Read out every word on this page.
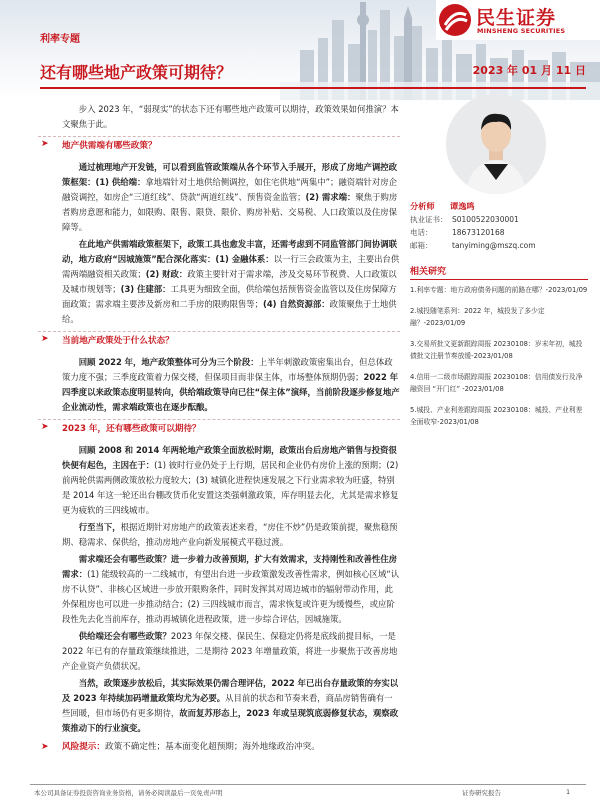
民生证券
MINSHENG SECURITIES
利率专题
还有哪些地产政策可期待？	2023 年 01 月 11 日

步入 2023 年，“弱现实”的状态下还有哪些地产政策可以期待，政策效果如何推演？本文聚焦于此。

➤ 地产供需端有哪些政策？

通过梳理地产开发链，可以看到监管政策端从各个环节入手展开，形成了房地产调控政策框架：(1) 供给端：拿地端针对土地供给侧调控，如住宅供地“两集中”；融资端针对房企融资调控，如房企“三道红线”、贷款“两道红线”、预售资金监管；(2) 需求端：聚焦于购房者购房意愿和能力，如限购、限售、限贷、限价、购房补贴、交易税、人口政策以及住房保障等。

在此地产供需端政策框架下，政策工具也愈发丰富，还需考虑到不同监管部门间协调联动，地方政府“因城施策”配合深化落实：(1) 金融体系：以一行三会政策为主，主要出台供需两端融资相关政策；(2) 财政：政策主要针对于需求端，涉及交易环节税费、人口政策以及城市规划等；(3) 住建部：工具更为细致全面，供给端包括预售资金监管以及住房保障方面政策；需求端主要涉及新房和二手房的限购限售等；(4) 自然资源部：政策聚焦于土地供给。

➤ 当前地产政策处于什么状态？

回顾 2022 年，地产政策整体可分为三个阶段：上半年刺激政策密集出台，但总体政策力度不强；三季度政策着力保交楼，但保项目而非保主体，市场整体预期仍弱；2022 年四季度以来政策态度明显转向，供给端政策导向已往“保主体”演绎，当前阶段逐步修复地产企业流动性，需求端政策也在逐步酝酿。

➤ 2023 年，还有哪些政策可以期待？

回顾 2008 和 2014 年两轮地产政策全面放松时期，政策出台后房地产销售与投资很快便有起色，主因在于：(1) 彼时行业仍处于上行期，居民和企业仍有房价上涨的预期；(2) 前两轮供需两侧政策放松力度较大；(3) 城镇化进程快速发展之下行业需求较为旺盛，特别是 2014 年这一轮还出台棚改货币化安置这类强刺激政策，库存明显去化，尤其是需求修复更为疲软的三四线城市。

行至当下，根据近期针对房地产的政策表述来看，“房住不炒”仍是政策前提，聚焦稳预期、稳需求、保供给，推动房地产业向新发展模式平稳过渡。

需求端还会有哪些政策？进一步着力改善预期，扩大有效需求，支持刚性和改善性住房需求：(1) 能级较高的一二线城市，有望出台进一步政策激发改善性需求，例如核心区域“认房不认贷”、非核心区域进一步放开限购条件，同时发挥其对周边城市的辐射带动作用，此外保租房也可以进一步推动结合；(2) 三四线城市而言，需求恢复或许更为缓慢些，或应阶段性先去化当前库存，推动再城镇化进程政策，进一步综合评估，因城施策。

供给端还会有哪些政策？2023 年保交楼、保民生、保稳定仍将是底线前提目标，一是 2022 年已有的存量政策继续推进，二是期待 2023 年增量政策，将进一步聚焦于改善房地产企业资产负债状况。

当然，政策逐步放松后，其实际效果仍需合理评估，2022 年已出台存量政策的夯实以及 2023 年持续加码增量政策均尤为必要。从目前的状态和节奏来看，商品房销售确有一些回暖，但市场仍有更多期待，故而复苏形态上，2023 年或呈现筑底弱修复状态，观察政策推动下的行业演变。

➤ 风险提示：政策不确定性；基本面变化超预期；海外地缘政治冲突。
分析师	谭逸鸣
执业证书： S0100522030001
电话：	18673120168
邮箱：	tanyiming@mszq.com
相关研究
1.利率专题：地方政府债务问题的前路在哪？-2023/01/09
2.城投随笔系列：2022 年，城投发了多少定融？-2023/01/09
3.交易所批文更新跟踪周报 20230108：岁末年初，城投债批文注册节奏放缓-2023/01/08
4.信用一二级市场跟踪周报 20230108：信用债发行及净融资回 “开门红” -2023/01/08
5.城投、产业利差跟踪周报 20230108：城投、产业利差全面收窄-2023/01/08
本公司具备证券投资咨询业务资格，请务必阅读最后一页免责声明	证券研究报告	1
